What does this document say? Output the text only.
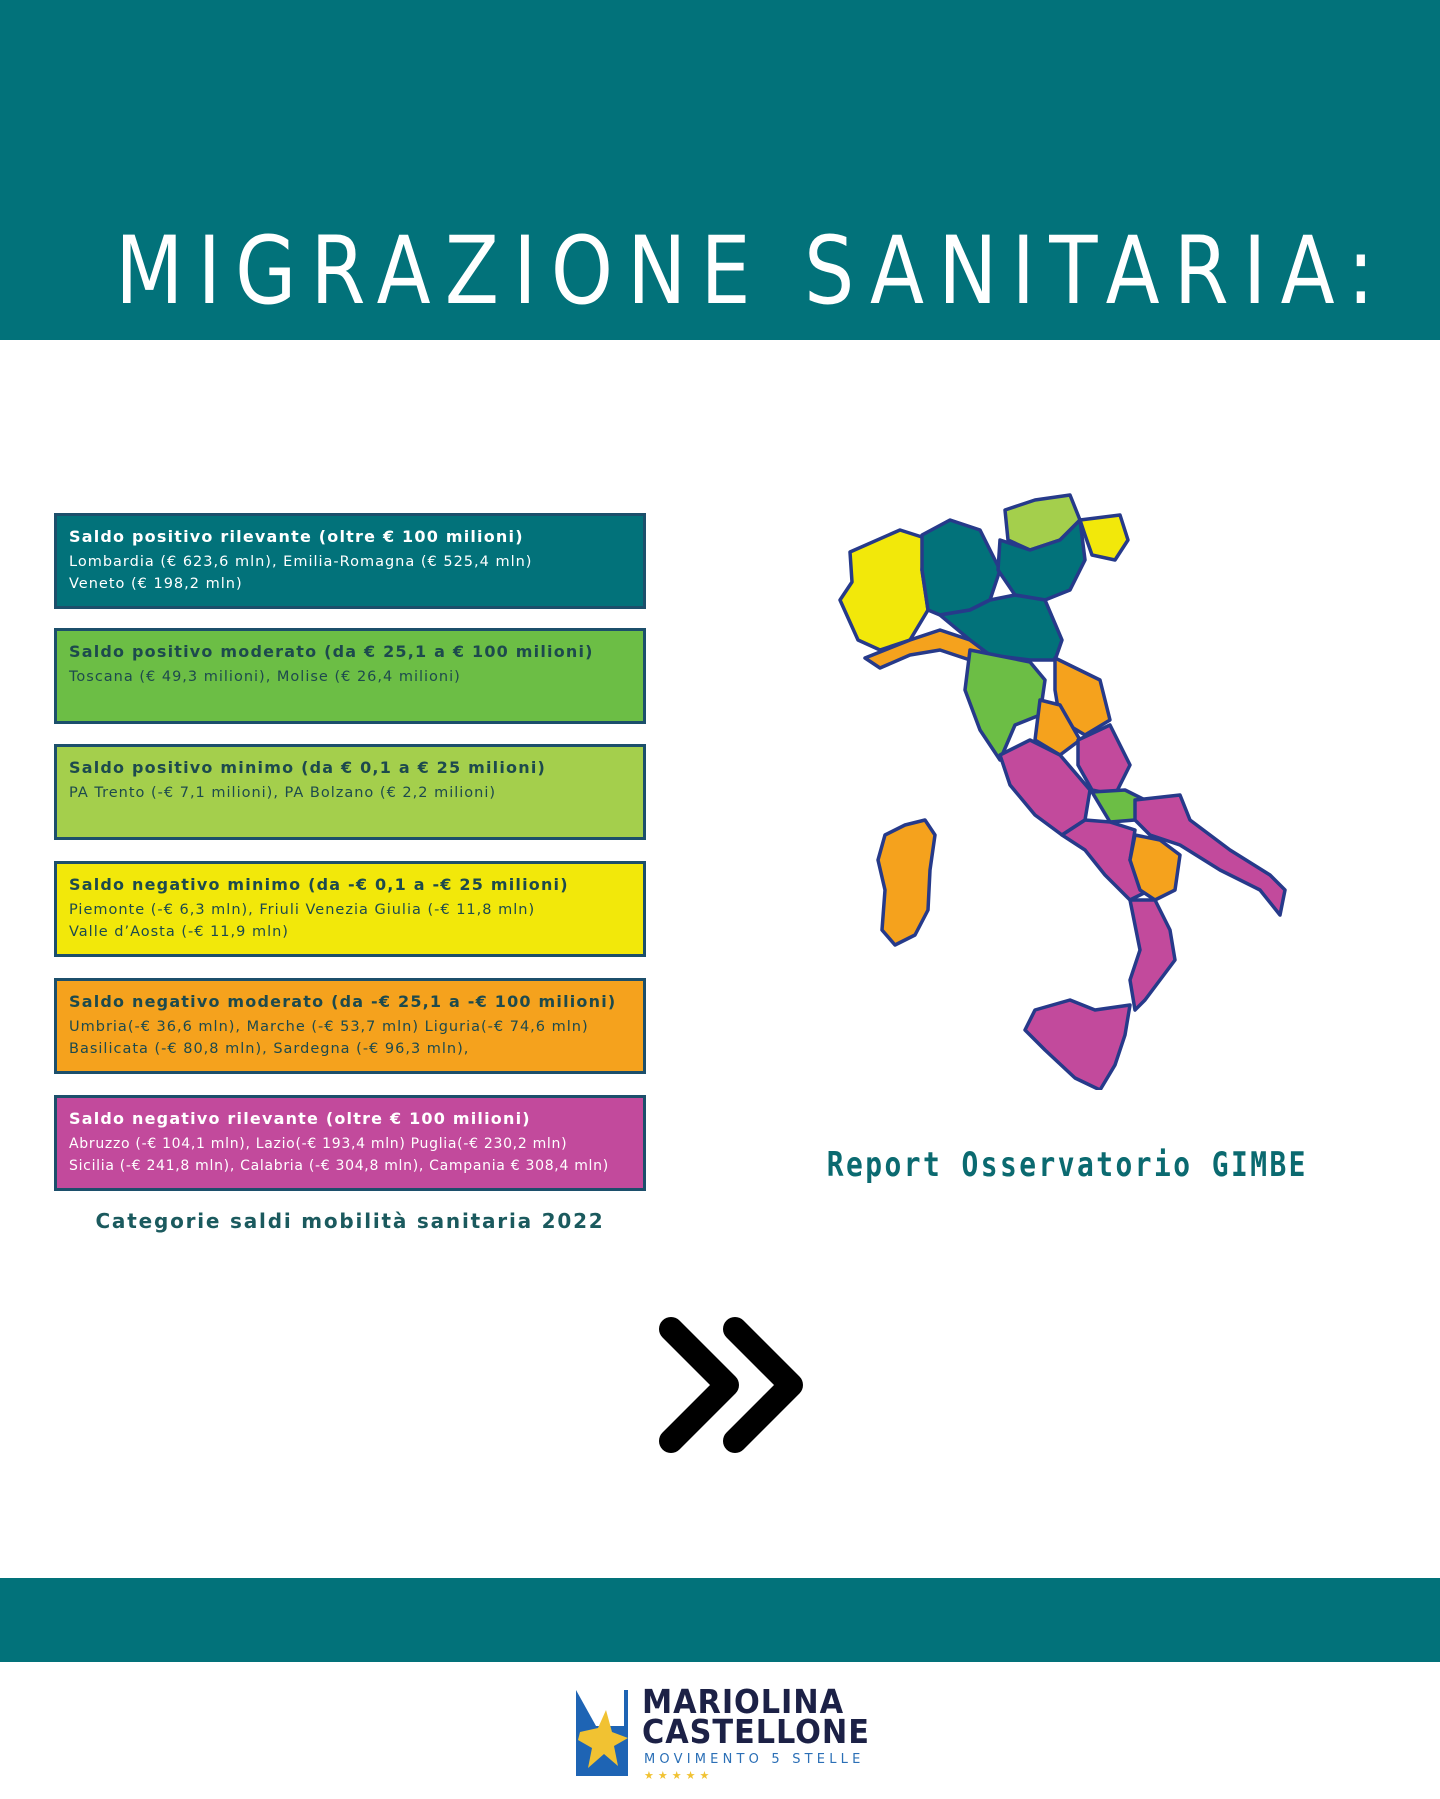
MIGRAZIONE SANITARIA:
Saldo positivo rilevante (oltre € 100 milioni)
Lombardia (€ 623,6 mln), Emilia-Romagna (€ 525,4 mln)
Veneto (€ 198,2 mln)
Saldo positivo moderato (da € 25,1 a € 100 milioni)
Toscana (€ 49,3 milioni), Molise (€ 26,4 milioni)
Saldo positivo minimo (da € 0,1 a € 25 milioni)
PA Trento (-€ 7,1 milioni), PA Bolzano (€ 2,2 milioni)
Saldo negativo minimo (da -€ 0,1 a -€ 25 milioni)
Piemonte (-€ 6,3 mln), Friuli Venezia Giulia (-€ 11,8 mln)
Valle d’Aosta (-€ 11,9 mln)
Saldo negativo moderato (da -€ 25,1 a -€ 100 milioni)
Umbria(-€ 36,6 mln), Marche (-€ 53,7 mln) Liguria(-€ 74,6 mln)
Basilicata (-€ 80,8 mln), Sardegna (-€ 96,3 mln),
Saldo negativo rilevante (oltre € 100 milioni)
Abruzzo (-€ 104,1 mln), Lazio(-€ 193,4 mln) Puglia(-€ 230,2 mln)
Sicilia (-€ 241,8 mln), Calabria (-€ 304,8 mln), Campania € 308,4 mln)
Categorie saldi mobilità sanitaria 2022
Report Osservatorio GIMBE
MARIOLINA
CASTELLONE
MOVIMENTO 5 STELLE
★★★★★
